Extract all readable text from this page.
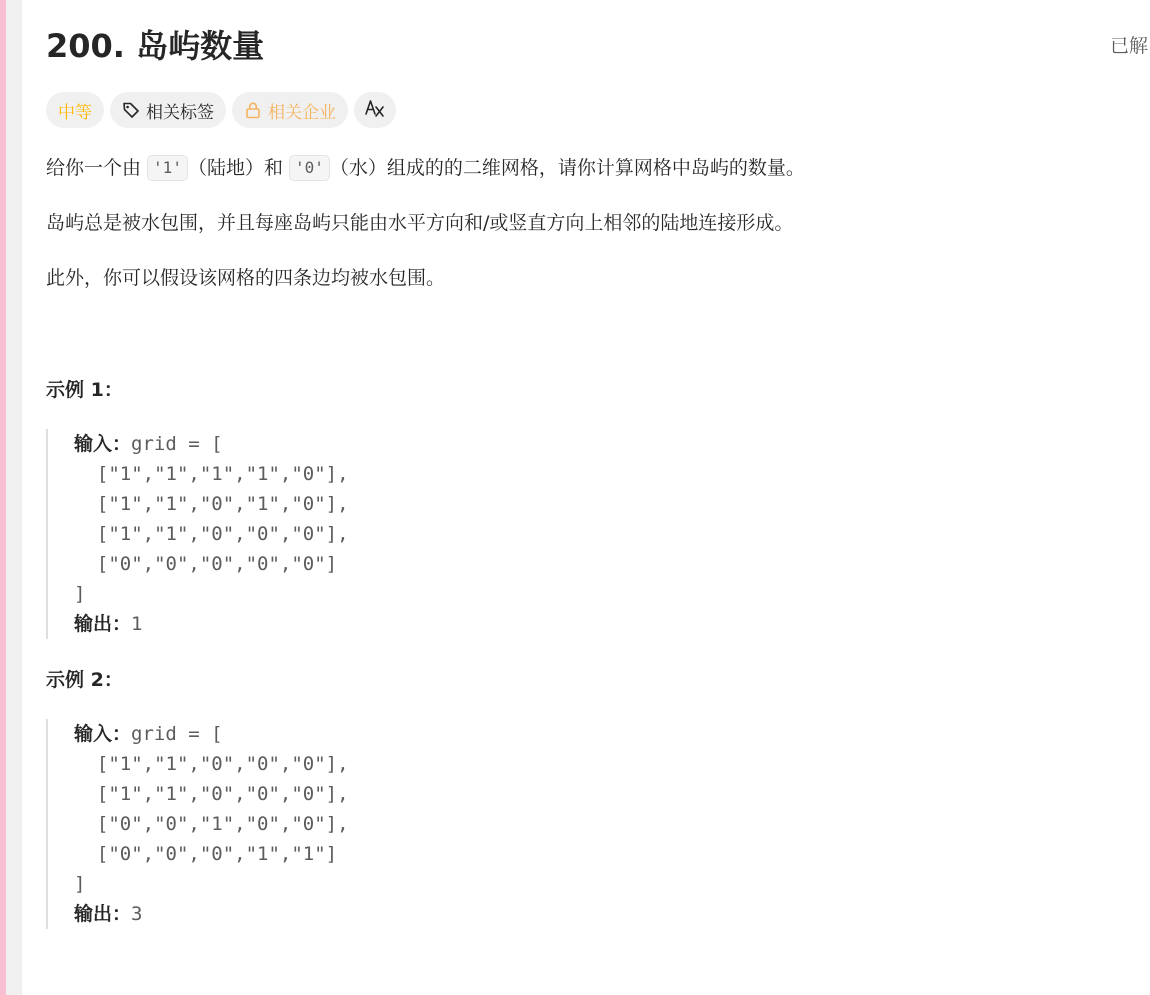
200. 岛屿数量	已解
中等	相关标签	相关企业
给你一个由 '1' （陆地）和 '0' （水）组成的的二维网格，请你计算网格中岛屿的数量。
岛屿总是被水包围，并且每座岛屿只能由水平方向和/或竖直方向上相邻的陆地连接形成。
此外，你可以假设该网格的四条边均被水包围。
示例 1：
输入：grid = [
["1","1","1","1","0"],
["1","1","0","1","0"],
["1","1","0","0","0"],
["0","0","0","0","0"]
]
输出：1
示例 2：
输入：grid = [
["1","1","0","0","0"],
["1","1","0","0","0"],
["0","0","1","0","0"],
["0","0","0","1","1"]
]
输出：3
